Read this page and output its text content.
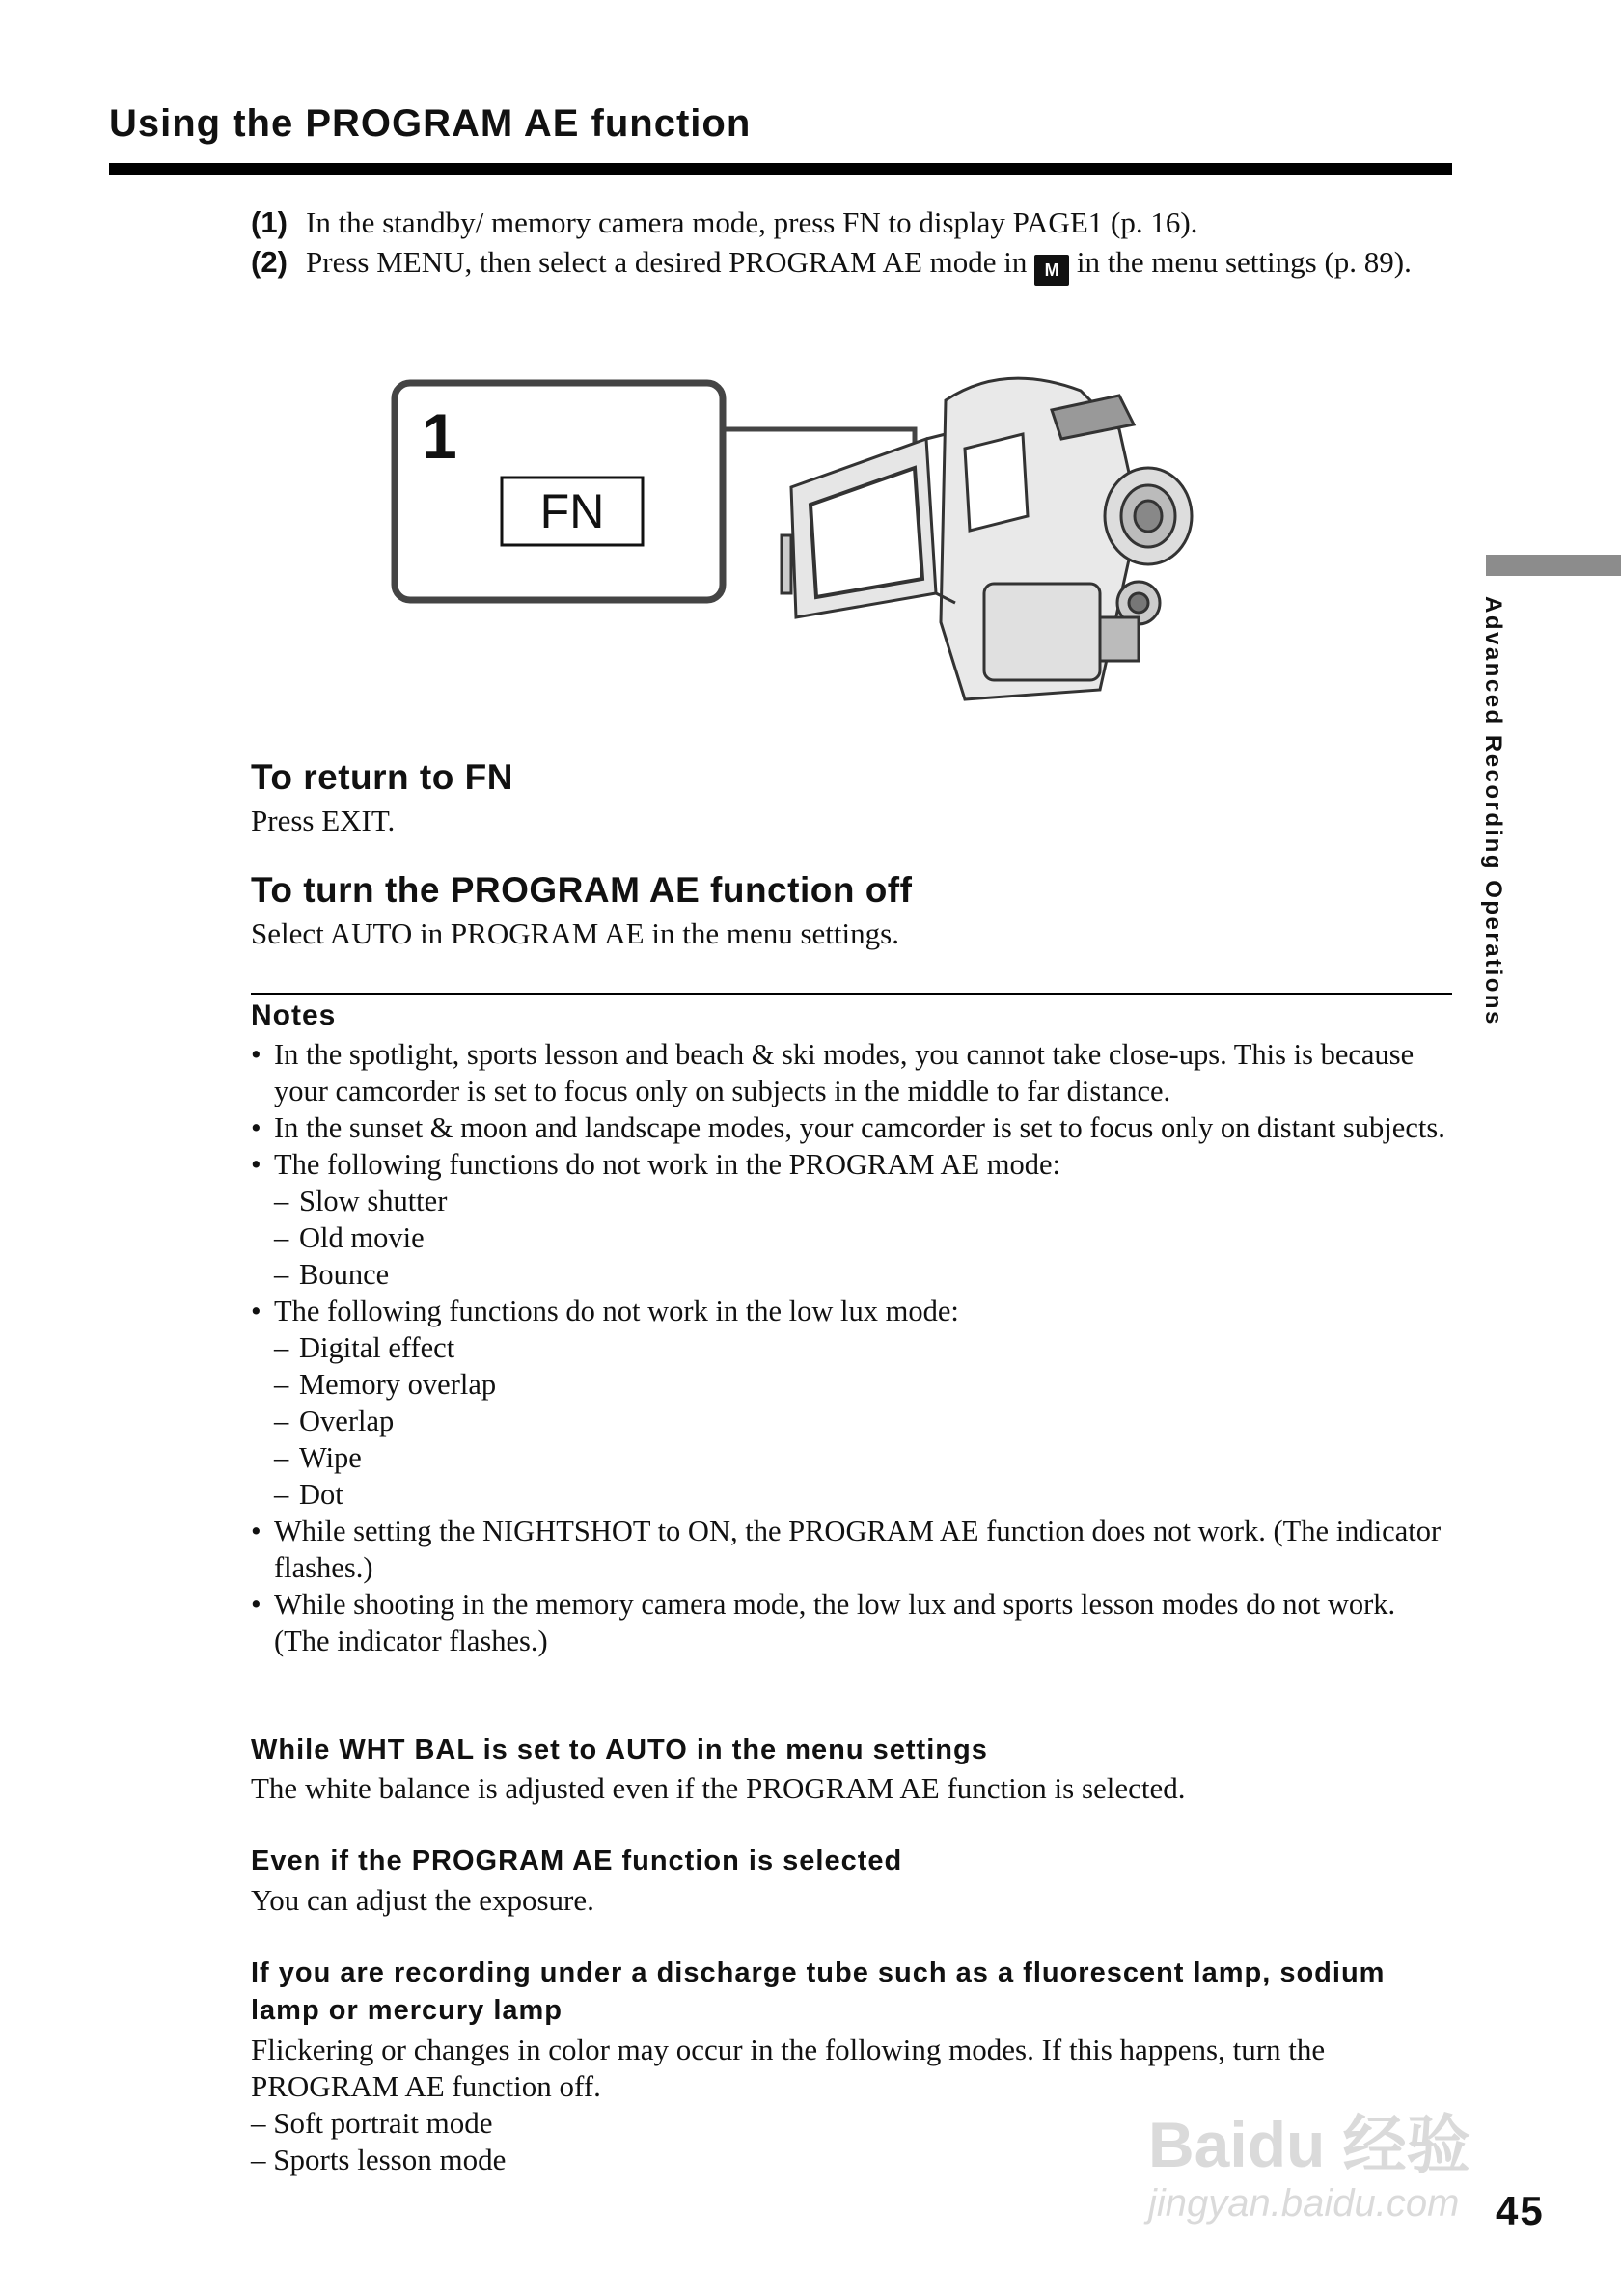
Using the PROGRAM AE function
(1) In the standby/ memory camera mode, press FN to display PAGE1 (p. 16).
(2) Press MENU, then select a desired PROGRAM AE mode in M in the menu settings (p. 89).
1
FN
To return to FN
Press EXIT.
To turn the PROGRAM AE function off
Select AUTO in PROGRAM AE in the menu settings.
Notes
• In the spotlight, sports lesson and beach & ski modes, you cannot take close-ups. This is because your camcorder is set to focus only on subjects in the middle to far distance.
• In the sunset & moon and landscape modes, your camcorder is set to focus only on distant subjects.
• The following functions do not work in the PROGRAM AE mode:
– Slow shutter
– Old movie
– Bounce
• The following functions do not work in the low lux mode:
– Digital effect
– Memory overlap
– Overlap
– Wipe
– Dot
• While setting the NIGHTSHOT to ON, the PROGRAM AE function does not work. (The indicator flashes.)
• While shooting in the memory camera mode, the low lux and sports lesson modes do not work. (The indicator flashes.)
While WHT BAL is set to AUTO in the menu settings
The white balance is adjusted even if the PROGRAM AE function is selected.
Even if the PROGRAM AE function is selected
You can adjust the exposure.
If you are recording under a discharge tube such as a fluorescent lamp, sodium lamp or mercury lamp
Flickering or changes in color may occur in the following modes. If this happens, turn the PROGRAM AE function off.
– Soft portrait mode
– Sports lesson mode
Advanced Recording Operations
45
Baidu 经验
jingyan.baidu.com
